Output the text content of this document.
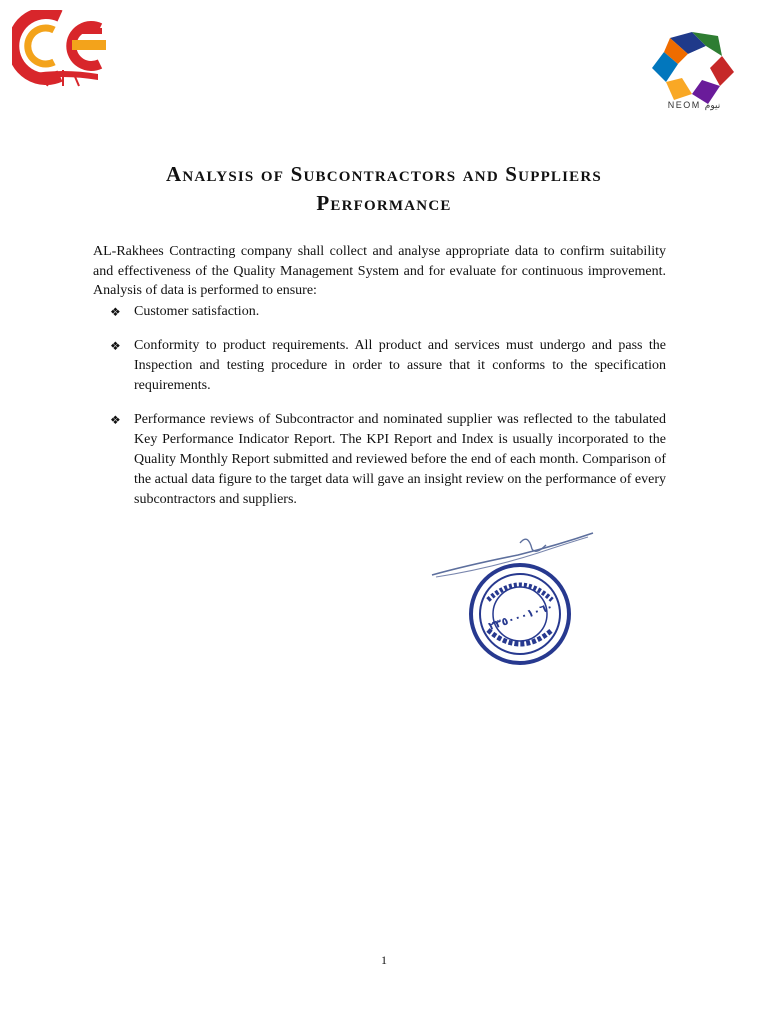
NEOM نيوم
Analysis of Subcontractors and Suppliers
Performance

AL-Rakhees Contracting company shall collect and analyse appropriate data to confirm suitability and effectiveness of the Quality Management System and for evaluate for continuous improvement. Analysis of data is performed to ensure:

❖ Customer satisfaction.
❖ Conformity to product requirements. All product and services must undergo and pass the Inspection and testing procedure in order to assure that it conforms to the specification requirements.
❖ Performance reviews of Subcontractor and nominated supplier was reflected to the tabulated Key Performance Indicator Report. The KPI Report and Index is usually incorporated to the Quality Monthly Report submitted and reviewed before the end of each month. Comparison of the actual data figure to the target data will gave an insight review on the performance of every subcontractors and suppliers.
٢٣٥٠٠٠١٠٦٠
1
